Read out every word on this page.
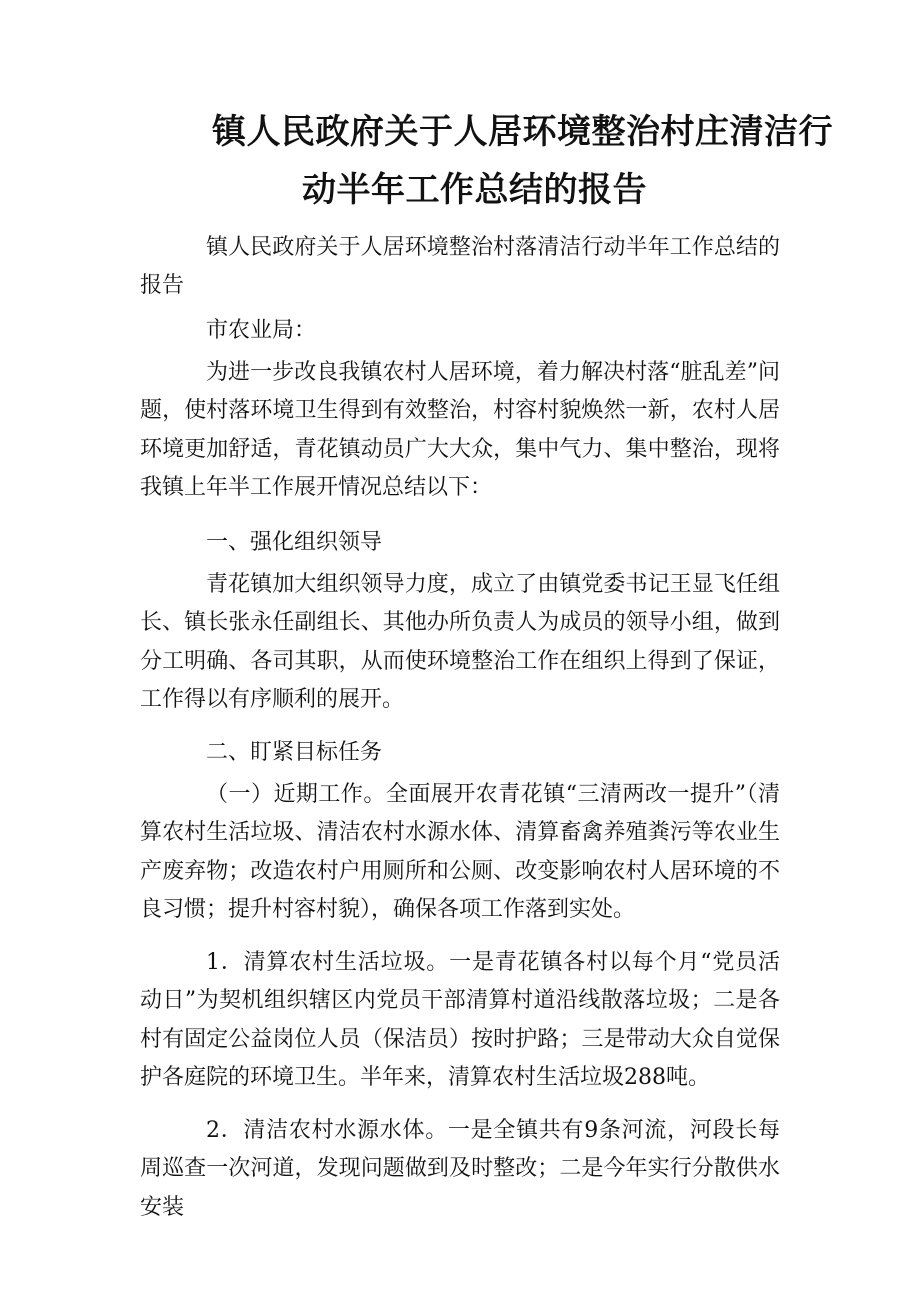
镇人民政府关于人居环境整治村庄清洁行
动半年工作总结的报告
镇人民政府关于人居环境整治村落清洁行动半年工作总结的报告
市农业局：
为进一步改良我镇农村人居环境，着力解决村落“脏乱差”问题，使村落环境卫生得到有效整治，村容村貌焕然一新，农村人居环境更加舒适，青花镇动员广大大众，集中气力、集中整治，现将我镇上年半工作展开情况总结以下：
一、强化组织领导
青花镇加大组织领导力度，成立了由镇党委书记王显飞任组长、镇长张永任副组长、其他办所负责人为成员的领导小组，做到分工明确、各司其职，从而使环境整治工作在组织上得到了保证，工作得以有序顺利的展开。
二、盯紧目标任务
（一）近期工作。全面展开农青花镇“三清两改一提升”（清算农村生活垃圾、清洁农村水源水体、清算畜禽养殖粪污等农业生产废弃物；改造农村户用厕所和公厕、改变影响农村人居环境的不良习惯；提升村容村貌），确保各项工作落到实处。
1．清算农村生活垃圾。一是青花镇各村以每个月“党员活动日”为契机组织辖区内党员干部清算村道沿线散落垃圾；二是各村有固定公益岗位人员（保洁员）按时护路；三是带动大众自觉保护各庭院的环境卫生。半年来，清算农村生活垃圾288吨。
2．清洁农村水源水体。一是全镇共有9条河流，河段长每周巡查一次河道，发现问题做到及时整改；二是今年实行分散供水安装
